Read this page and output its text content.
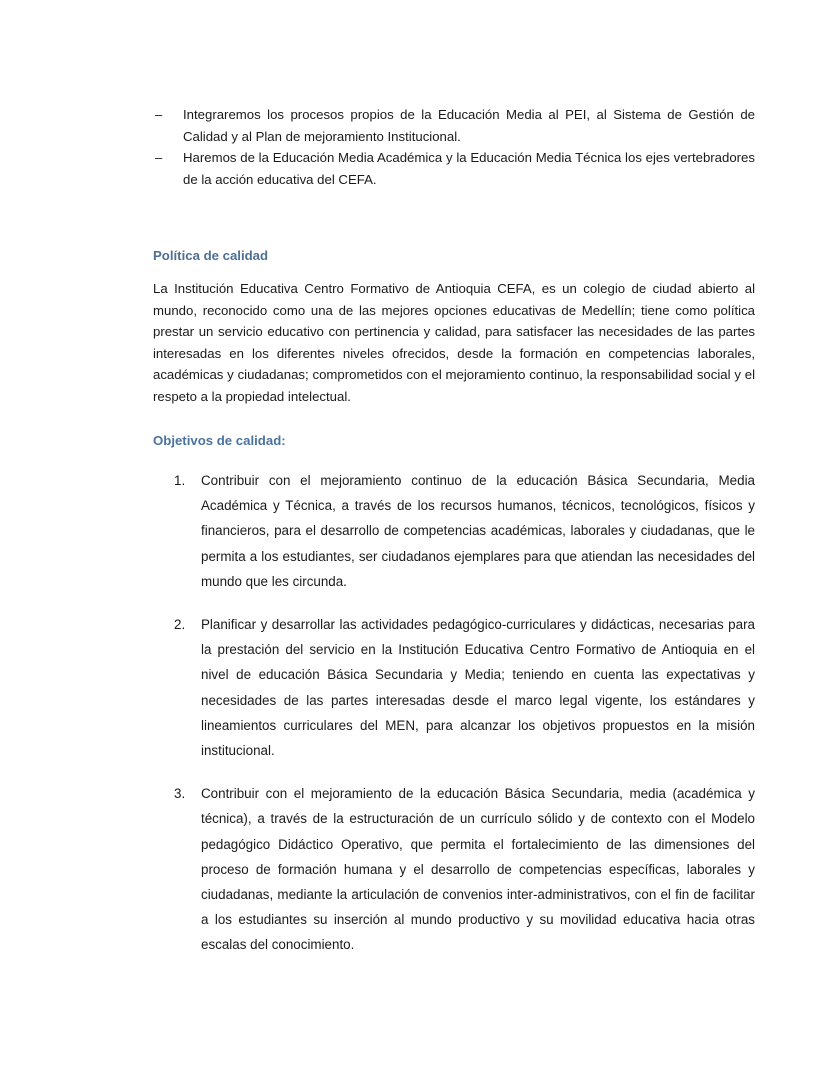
– Integraremos los procesos propios de la Educación Media al PEI, al Sistema de Gestión de Calidad y al Plan de mejoramiento Institucional.
– Haremos de la Educación Media Académica y la Educación Media Técnica los ejes vertebradores de la acción educativa del CEFA.
Política de calidad

La Institución Educativa Centro Formativo de Antioquia CEFA, es un colegio de ciudad abierto al mundo, reconocido como una de las mejores opciones educativas de Medellín; tiene como política prestar un servicio educativo con pertinencia y calidad, para satisfacer las necesidades de las partes interesadas en los diferentes niveles ofrecidos, desde la formación en competencias laborales, académicas y ciudadanas; comprometidos con el mejoramiento continuo, la responsabilidad social y el respeto a la propiedad intelectual.

Objetivos de calidad:
1. Contribuir con el mejoramiento continuo de la educación Básica Secundaria, Media Académica y Técnica, a través de los recursos humanos, técnicos, tecnológicos, físicos y financieros, para el desarrollo de competencias académicas, laborales y ciudadanas, que le permita a los estudiantes, ser ciudadanos ejemplares para que atiendan las necesidades del mundo que les circunda.
2. Planificar y desarrollar las actividades pedagógico-curriculares y didácticas, necesarias para la prestación del servicio en la Institución Educativa Centro Formativo de Antioquia en el nivel de educación Básica Secundaria y Media; teniendo en cuenta las expectativas y necesidades de las partes interesadas desde el marco legal vigente, los estándares y lineamientos curriculares del MEN, para alcanzar los objetivos propuestos en la misión institucional.
3. Contribuir con el mejoramiento de la educación Básica Secundaria, media (académica y técnica), a través de la estructuración de un currículo sólido y de contexto con el Modelo pedagógico Didáctico Operativo, que permita el fortalecimiento de las dimensiones del proceso de formación humana y el desarrollo de competencias específicas, laborales y ciudadanas, mediante la articulación de convenios inter-administrativos, con el fin de facilitar a los estudiantes su inserción al mundo productivo y su movilidad educativa hacia otras escalas del conocimiento.
